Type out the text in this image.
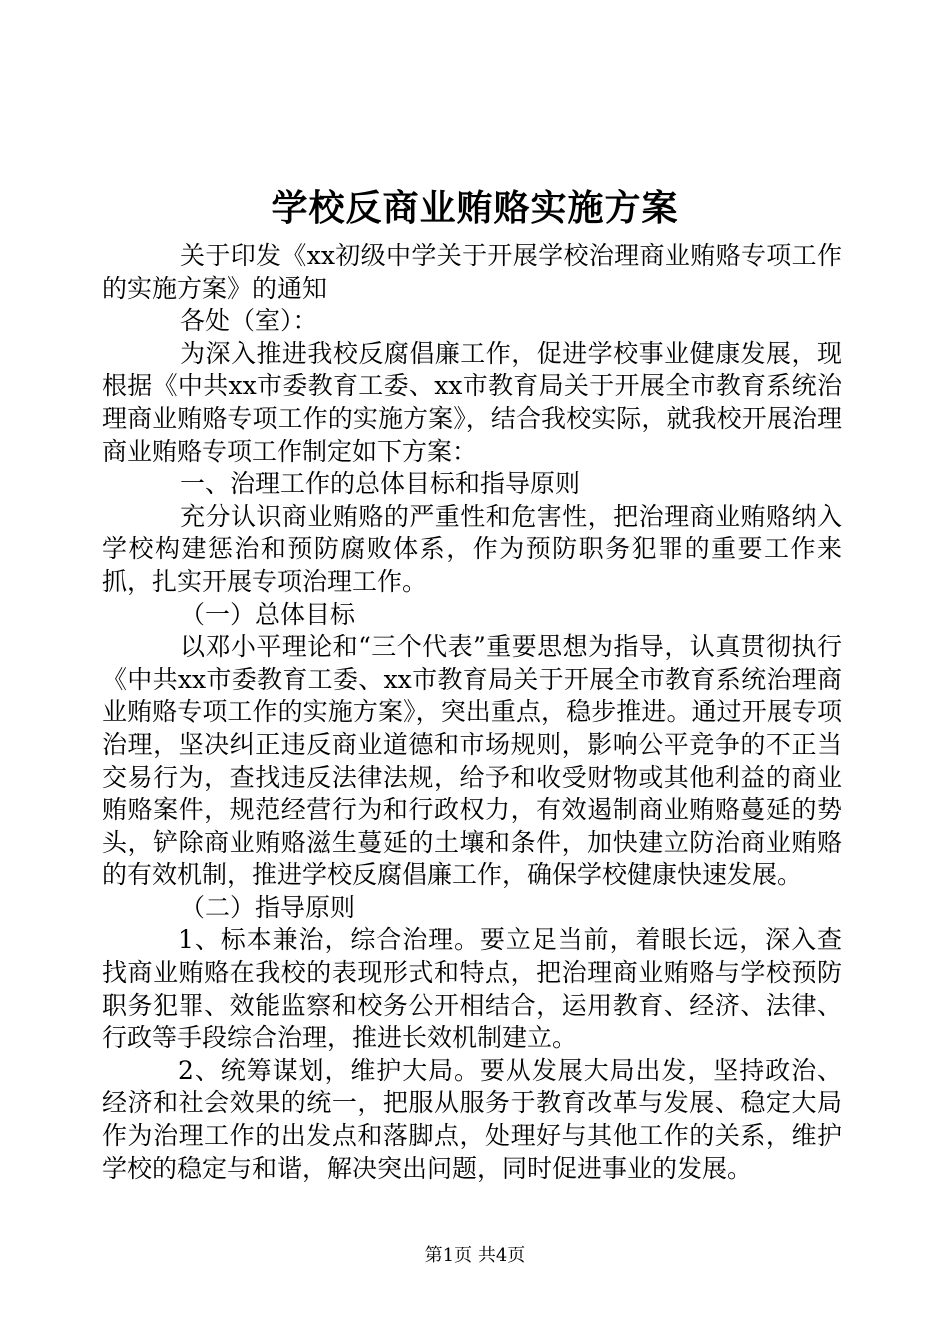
学校反商业贿赂实施方案

关于印发《xx初级中学关于开展学校治理商业贿赂专项工作的实施方案》的通知

各处（室）：

为深入推进我校反腐倡廉工作，促进学校事业健康发展，现根据《中共xx市委教育工委、xx市教育局关于开展全市教育系统治理商业贿赂专项工作的实施方案》，结合我校实际，就我校开展治理商业贿赂专项工作制定如下方案：

一、治理工作的总体目标和指导原则

充分认识商业贿赂的严重性和危害性，把治理商业贿赂纳入学校构建惩治和预防腐败体系，作为预防职务犯罪的重要工作来抓，扎实开展专项治理工作。

（一）总体目标

以邓小平理论和“三个代表”重要思想为指导，认真贯彻执行《中共xx市委教育工委、xx市教育局关于开展全市教育系统治理商业贿赂专项工作的实施方案》，突出重点，稳步推进。通过开展专项治理，坚决纠正违反商业道德和市场规则，影响公平竞争的不正当交易行为，查找违反法律法规，给予和收受财物或其他利益的商业贿赂案件，规范经营行为和行政权力，有效遏制商业贿赂蔓延的势头，铲除商业贿赂滋生蔓延的土壤和条件，加快建立防治商业贿赂的有效机制，推进学校反腐倡廉工作，确保学校健康快速发展。

（二）指导原则

1、标本兼治，综合治理。要立足当前，着眼长远，深入查找商业贿赂在我校的表现形式和特点，把治理商业贿赂与学校预防职务犯罪、效能监察和校务公开相结合，运用教育、经济、法律、行政等手段综合治理，推进长效机制建立。

2、统筹谋划，维护大局。要从发展大局出发，坚持政治、经济和社会效果的统一，把服从服务于教育改革与发展、稳定大局作为治理工作的出发点和落脚点，处理好与其他工作的关系，维护学校的稳定与和谐，解决突出问题，同时促进事业的发展。

第1页 共4页
